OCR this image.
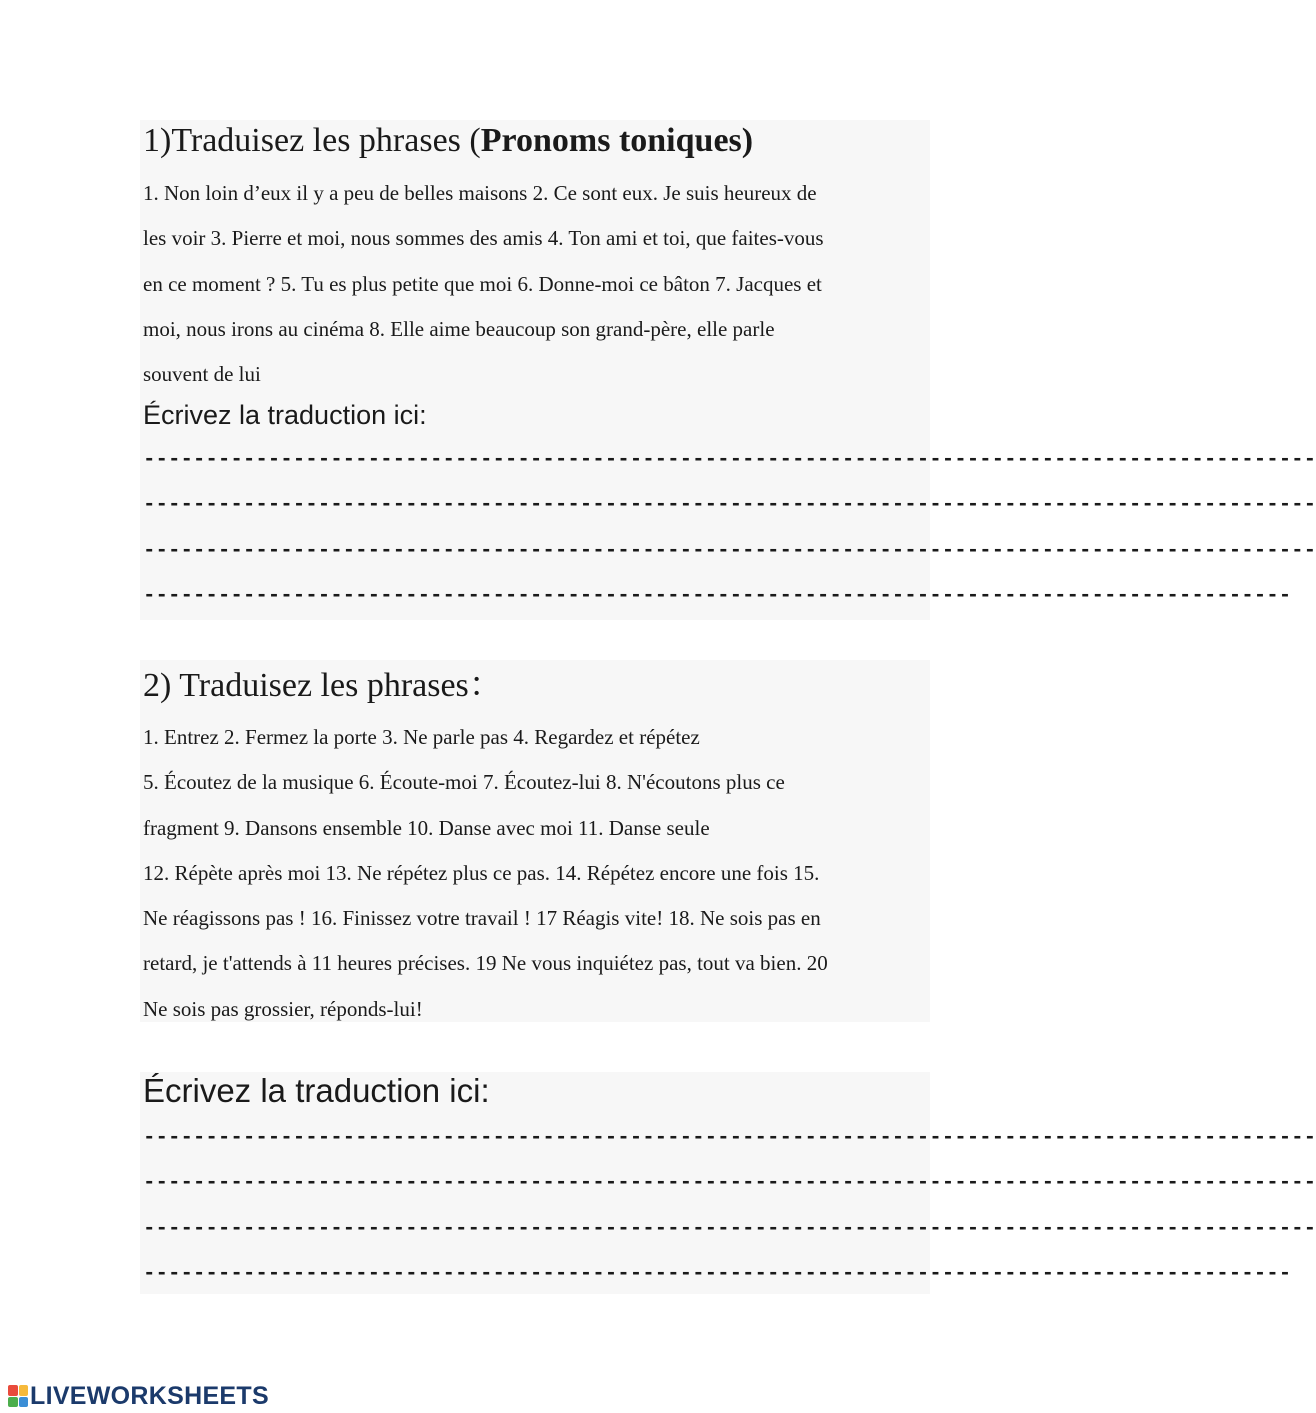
1)Traduisez les phrases (Pronoms toniques)
1. Non loin d’eux il y a peu de belles maisons 2. Ce sont eux. Je suis heureux de
les voir 3. Pierre et moi, nous sommes des amis 4. Ton ami et toi, que faites-vous
en ce moment ? 5. Tu es plus petite que moi 6. Donne-moi ce bâton 7. Jacques et
moi, nous irons au cinéma 8. Elle aime beaucoup son grand-père, elle parle
souvent de lui
Écrivez la traduction ici:
----------------------------------------------------------------------------------------------
----------------------------------------------------------------------------------------------
----------------------------------------------------------------------------------------------
--------------------------------------------------------------------------------------------
2) Traduisez les phrases：
1. Entrez 2. Fermez la porte 3. Ne parle pas 4. Regardez et répétez
5. Écoutez de la musique 6. Écoute-moi 7. Écoutez-lui 8. N'écoutons plus ce
fragment 9. Dansons ensemble 10. Danse avec moi 11. Danse seule
12. Répète après moi 13. Ne répétez plus ce pas. 14. Répétez encore une fois 15.
Ne réagissons pas ! 16. Finissez votre travail ! 17 Réagis vite! 18. Ne sois pas en
retard, je t'attends à 11 heures précises. 19 Ne vous inquiétez pas, tout va bien. 20
Ne sois pas grossier, réponds-lui!
Écrivez la traduction ici:
----------------------------------------------------------------------------------------------
----------------------------------------------------------------------------------------------
----------------------------------------------------------------------------------------------
--------------------------------------------------------------------------------------------
LIVEWORKSHEETS
